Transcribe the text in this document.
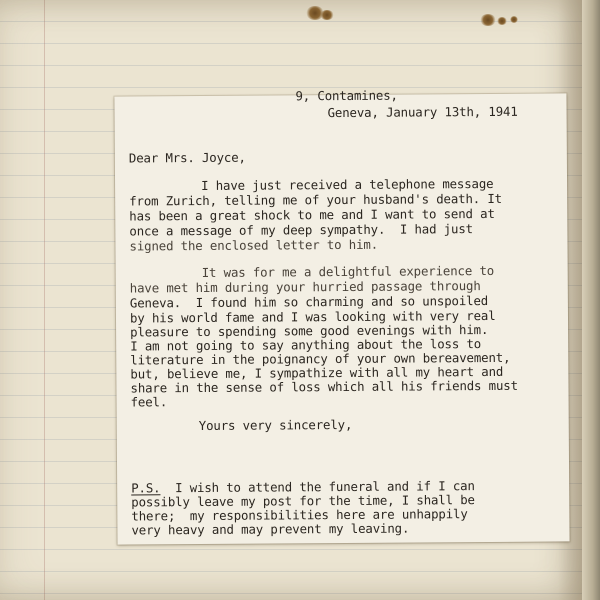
9, Contamines,
Geneva, January 13th, 1941
Dear Mrs. Joyce,
I have just received a telephone message
from Zurich, telling me of your husband's death. It
has been a great shock to me and I want to send at
once a message of my deep sympathy.  I had just
signed the enclosed letter to him.
It was for me a delightful experience to
have met him during your hurried passage through
Geneva.  I found him so charming and so unspoiled
by his world fame and I was looking with very real
pleasure to spending some good evenings with him.
I am not going to say anything about the loss to
literature in the poignancy of your own bereavement,
but, believe me, I sympathize with all my heart and
share in the sense of loss which all his friends must
feel.
Yours very sincerely,
P.S. I wish to attend the funeral and if I can
possibly leave my post for the time, I shall be
there;  my responsibilities here are unhappily
very heavy and may prevent my leaving.
